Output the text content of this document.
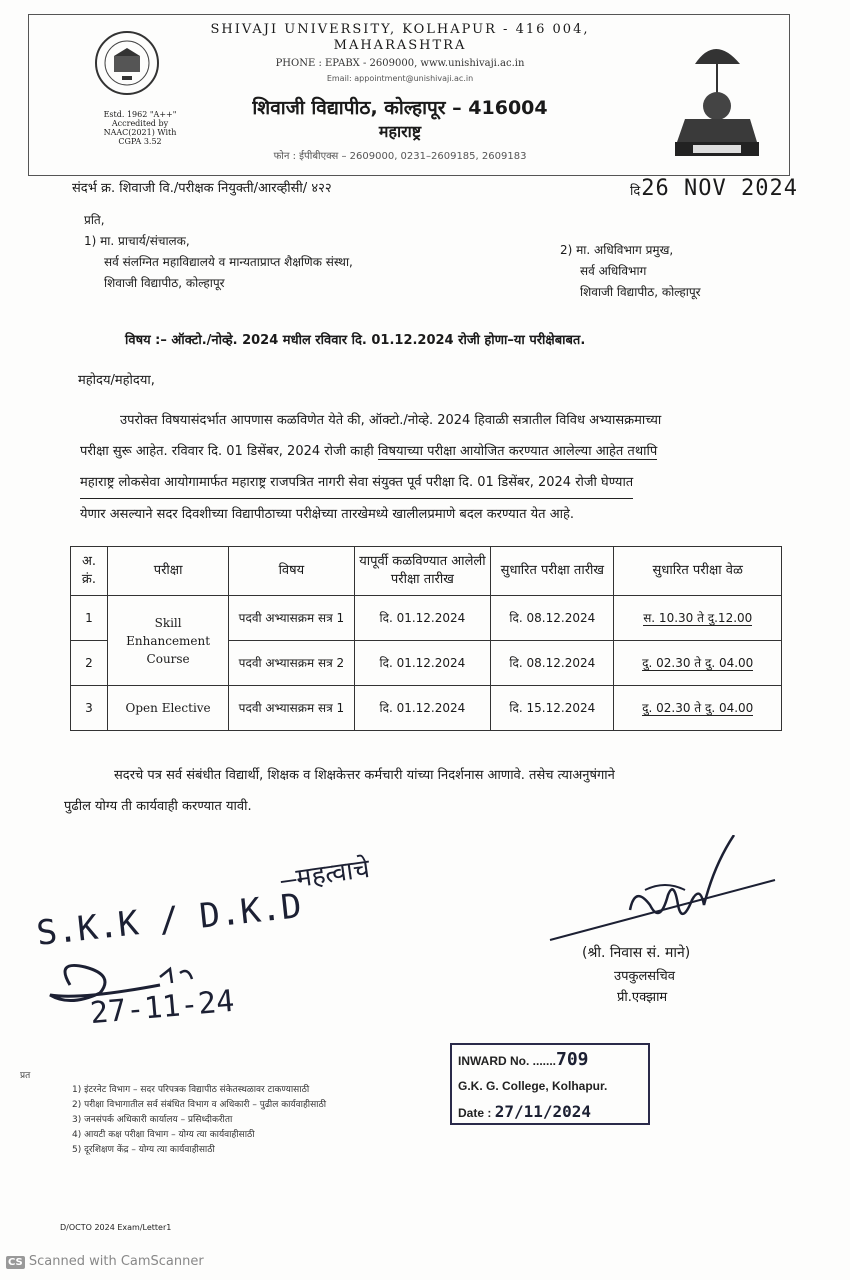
Estd. 1962 "A++" Accredited by NAAC(2021) With CGPA 3.52
SHIVAJI UNIVERSITY, KOLHAPUR - 416 004, MAHARASHTRA
PHONE : EPABX - 2609000, www.unishivaji.ac.in
Email: appointment@unishivaji.ac.in
शिवाजी विद्यापीठ, कोल्हापूर – 416004
महाराष्ट्र
फोन : ईपीबीएक्स – 2609000, 0231–2609185, 2609183
संदर्भ क्र. शिवाजी वि./परीक्षक नियुक्ती/आरव्हीसी/ ४२२	दि26 NOV 2024
प्रति,
1) मा. प्राचार्य/संचालक,
सर्व संलग्नित महाविद्यालये व मान्यताप्राप्त शैक्षणिक संस्था,
शिवाजी विद्यापीठ, कोल्हापूर
2) मा. अधिविभाग प्रमुख,
सर्व अधिविभाग
शिवाजी विद्यापीठ, कोल्हापूर
विषय :– ऑक्टो./नोव्हे. 2024 मधील रविवार दि. 01.12.2024 रोजी होणा–या परीक्षेबाबत.
महोदय/महोदया,
उपरोक्त विषयासंदर्भात आपणास कळविणेत येते की, ऑक्टो./नोव्हे. 2024 हिवाळी सत्रातील विविध अभ्यासक्रमाच्या
परीक्षा सुरू आहेत. रविवार दि. 01 डिसेंबर, 2024 रोजी काही विषयाच्या परीक्षा आयोजित करण्यात आलेल्या आहेत तथापि
महाराष्ट्र लोकसेवा आयोगामार्फत महाराष्ट्र राजपत्रित नागरी सेवा संयुक्त पूर्व परीक्षा दि. 01 डिसेंबर, 2024 रोजी घेण्यात
येणार असल्याने सदर दिवशीच्या विद्यापीठाच्या परीक्षेच्या तारखेमध्ये खालीलप्रमाणे बदल करण्यात येत आहे.
अ. क्रं.	परीक्षा	विषय	यापूर्वी कळविण्यात आलेली परीक्षा तारीख	सुधारित परीक्षा तारीख	सुधारित परीक्षा वेळ
1	Skill Enhancement Course	पदवी अभ्यासक्रम सत्र 1	दि. 01.12.2024	दि. 08.12.2024	स. 10.30 ते दु.12.00
2		पदवी अभ्यासक्रम सत्र 2	दि. 01.12.2024	दि. 08.12.2024	दु. 02.30 ते दु. 04.00
3	Open Elective	पदवी अभ्यासक्रम सत्र 1	दि. 01.12.2024	दि. 15.12.2024	दु. 02.30 ते दु. 04.00
सदरचे पत्र सर्व संबंधीत विद्यार्थी, शिक्षक व शिक्षकेत्तर कर्मचारी यांच्या निदर्शनास आणावे. तसेच त्याअनुषंगाने
पुढील योग्य ती कार्यवाही करण्यात यावी.
S.K.K / D.K.D
–महत्वाचे
27-11-24
(श्री. निवास सं. माने)
उपकुलसचिव
प्री.एक्झाम
प्रत
1) इंटरनेट विभाग – सदर परिपत्रक विद्यापीठ संकेतस्थळावर टाकण्यासाठी
2) परीक्षा विभागातील सर्व संबंधित विभाग व अधिकारी – पुढील कार्यवाहीसाठी
3) जनसंपर्क अधिकारी कार्यालय – प्रसिध्दीकरीता
4) आयटी कक्ष परीक्षा विभाग – योग्य त्या कार्यवाहीसाठी
5) दूरशिक्षण केंद्र – योग्य त्या कार्यवाहीसाठी
INWARD No. .......709
G.K. G. College, Kolhapur.
Date : 27/11/2024
D/OCTO 2024 Exam/Letter1
CS Scanned with CamScanner
